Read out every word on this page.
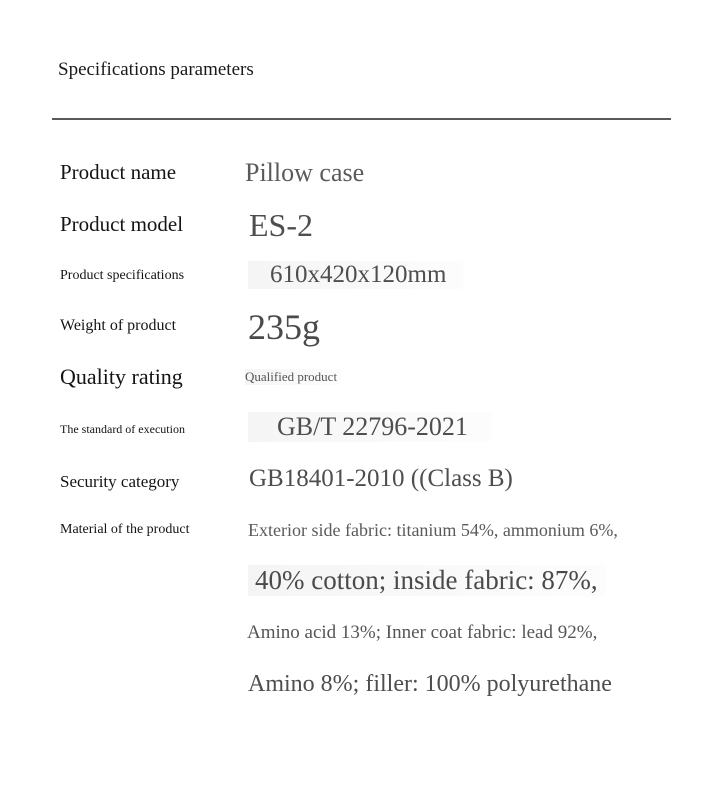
Specifications parameters
Product name	Pillow case
Product model ES-2
Product specifications	610x420x120mm
Weight of product 235g
Quality rating	Qualified product
The standard of execution	GB/T 22796-2021
Security category	GB18401-2010 ((Class B)
Material of the product	Exterior side fabric: titanium 54%, ammonium 6%,
40% cotton; inside fabric: 87%,
Amino acid 13%; Inner coat fabric: lead 92%,
Amino 8%; filler: 100% polyurethane
